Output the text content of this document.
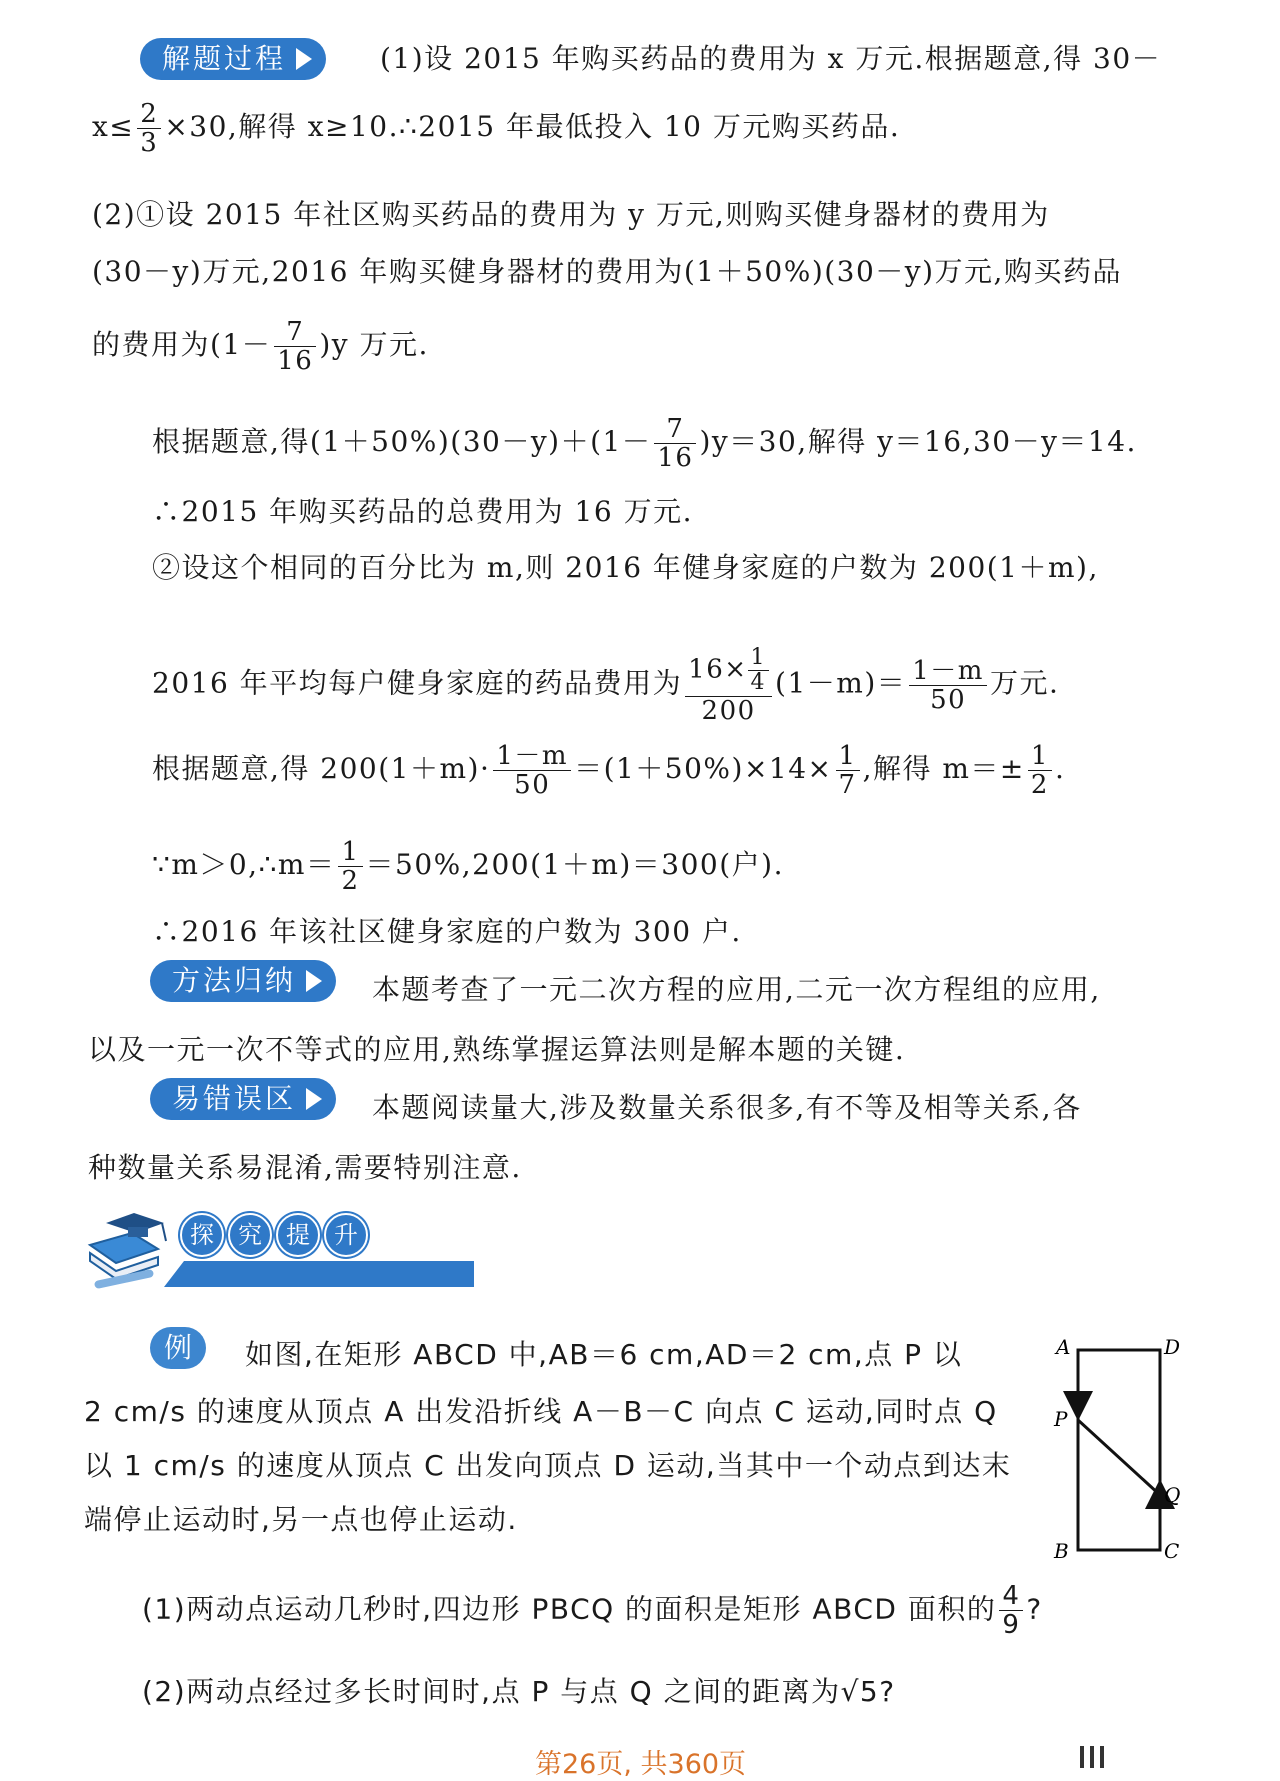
解题过程	(1)设 2015 年购买药品的费用为 x 万元.根据题意,得 30－
$x\le \frac{2}{3} \times 30$,解得 x≥10.∴2015 年最低投入 10 万元购买药品.
(2)①设 2015 年社区购买药品的费用为 y 万元,则购买健身器材的费用为
(30－y)万元,2016 年购买健身器材的费用为(1＋50%)(30－y)万元,购买药品
的费用为$(1- \frac{7}{16} )y$ 万元.
根据题意,得$(1+50\%)(30-y)+(1- \frac{7}{16} )y=30$,解得 y＝16,30－y＝14.
∴2015 年购买药品的总费用为 16 万元.
②设这个相同的百分比为 m,则 2016 年健身家庭的户数为 200(1＋m),
2016 年平均每户健身家庭的药品费用为 $\frac{16\times \frac{1}{4}}{200} (1-m)= \frac{1-m}{50}$ 万元.
根据题意,得 $200(1+m)\cdot \frac{1-m}{50} =(1+50\%)\times 14\times \frac{1}{7}$ ,解得 $m=\pm \frac{1}{2}$ .
∵m＞0,∴m＝ $\frac{1}{2} =50\%,200(1+m)=300$(户).
∴2016 年该社区健身家庭的户数为 300 户.
方法归纳	本题考查了一元二次方程的应用,二元一次方程组的应用,
以及一元一次不等式的应用,熟练掌握运算法则是解本题的关键.
易错误区	本题阅读量大,涉及数量关系很多,有不等及相等关系,各
种数量关系易混淆,需要特别注意.
探	究	提	升
例	如图,在矩形 ABCD 中,AB＝6 cm,AD＝2 cm,点 P 以
2 cm/s 的速度从顶点 A 出发沿折线 A－B－C 向点 C 运动,同时点 Q
以 1 cm/s 的速度从顶点 C 出发向顶点 D 运动,当其中一个动点到达末
端停止运动时,另一点也停止运动.
A	D
P
Q
B	C
(1)两动点运动几秒时,四边形 PBCQ 的面积是矩形 ABCD 面积的 $\frac{4}{9}$ ?
(2)两动点经过多长时间时,点 P 与点 Q 之间的距离为√5?
第26页, 共360页
